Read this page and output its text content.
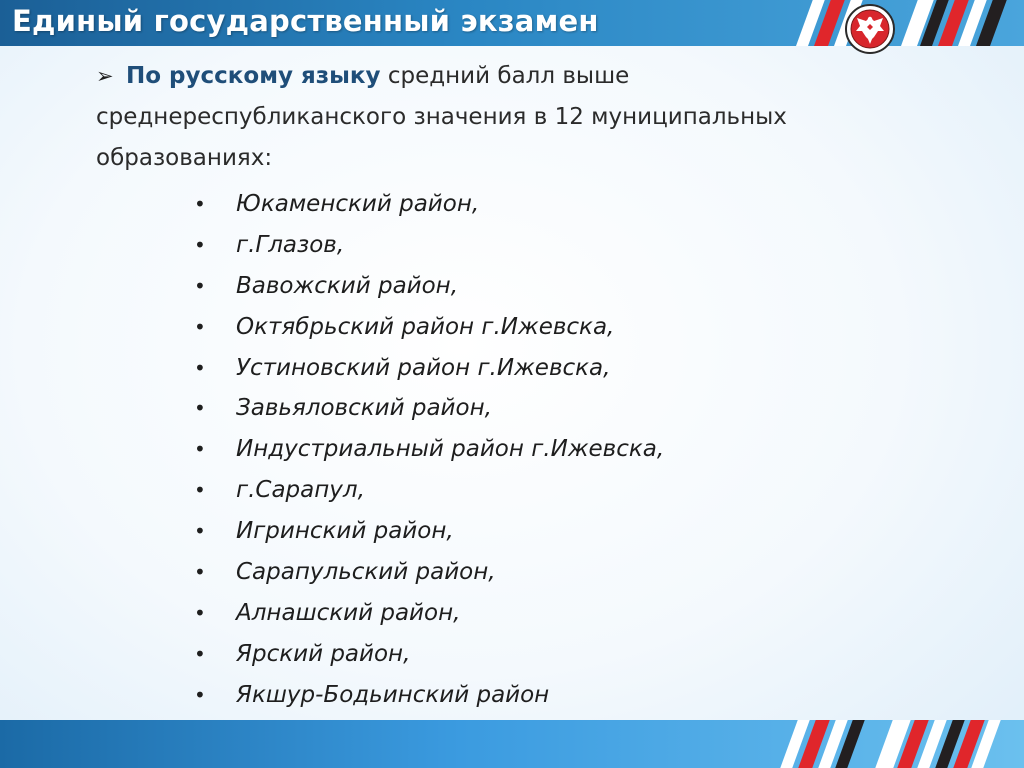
Единый государственный экзамен

➢ По русскому языку средний балл выше
среднереспубликанского значения в 12 муниципальных
образованиях:

• Юкаменский район,
• г.Глазов,
• Вавожский район,
• Октябрьский район г.Ижевска,
• Устиновский район г.Ижевска,
• Завьяловский район,
• Индустриальный район г.Ижевска,
• г.Сарапул,
• Игринский район,
• Сарапульский район,
• Алнашский район,
• Ярский район,
• Якшур-Бодьинский район
